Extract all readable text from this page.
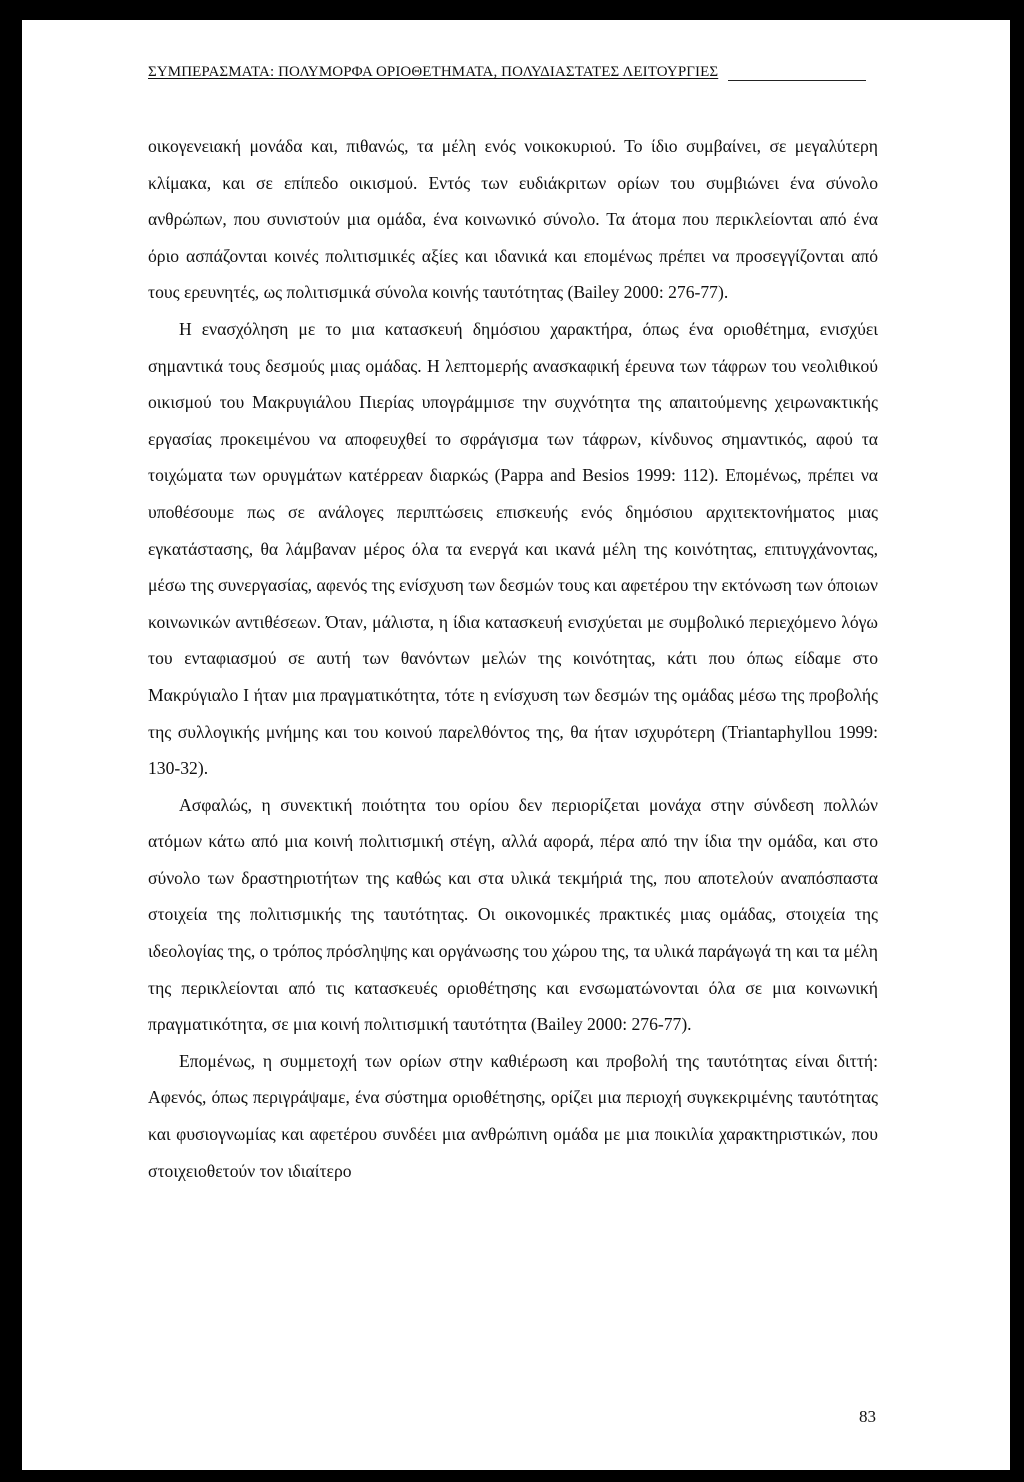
ΣΥΜΠΕΡΑΣΜΑΤΑ: ΠΟΛΥΜΟΡΦΑ ΟΡΙΟΘΕΤΗΜΑΤΑ, ΠΟΛΥΔΙΑΣΤΑΤΕΣ ΛΕΙΤΟΥΡΓΙΕΣ

οικογενειακή μονάδα και, πιθανώς, τα μέλη ενός νοικοκυριού. Το ίδιο συμβαίνει, σε μεγαλύτερη κλίμακα, και σε επίπεδο οικισμού. Εντός των ευδιάκριτων ορίων του συμβιώνει ένα σύνολο ανθρώπων, που συνιστούν μια ομάδα, ένα κοινωνικό σύνολο. Τα άτομα που περικλείονται από ένα όριο ασπάζονται κοινές πολιτισμικές αξίες και ιδανικά και επομένως πρέπει να προσεγγίζονται από τους ερευνητές, ως πολιτισμικά σύνολα κοινής ταυτότητας (Bailey 2000: 276-77).

Η ενασχόληση με το μια κατασκευή δημόσιου χαρακτήρα, όπως ένα οριοθέτημα, ενισχύει σημαντικά τους δεσμούς μιας ομάδας. Η λεπτομερής ανασκαφική έρευνα των τάφρων του νεολιθικού οικισμού του Μακρυγιάλου Πιερίας υπογράμμισε την συχνότητα της απαιτούμενης χειρωνακτικής εργασίας προκειμένου να αποφευχθεί το σφράγισμα των τάφρων, κίνδυνος σημαντικός, αφού τα τοιχώματα των ορυγμάτων κατέρρεαν διαρκώς (Pappa and Besios 1999: 112). Επομένως, πρέπει να υποθέσουμε πως σε ανάλογες περιπτώσεις επισκευής ενός δημόσιου αρχιτεκτονήματος μιας εγκατάστασης, θα λάμβαναν μέρος όλα τα ενεργά και ικανά μέλη της κοινότητας, επιτυγχάνοντας, μέσω της συνεργασίας, αφενός της ενίσχυση των δεσμών τους και αφετέρου την εκτόνωση των όποιων κοινωνικών αντιθέσεων. Όταν, μάλιστα, η ίδια κατασκευή ενισχύεται με συμβολικό περιεχόμενο λόγω του ενταφιασμού σε αυτή των θανόντων μελών της κοινότητας, κάτι που όπως είδαμε στο Μακρύγιαλο Ι ήταν μια πραγματικότητα, τότε η ενίσχυση των δεσμών της ομάδας μέσω της προβολής της συλλογικής μνήμης και του κοινού παρελθόντος της, θα ήταν ισχυρότερη (Triantaphyllou 1999: 130-32).

Ασφαλώς, η συνεκτική ποιότητα του ορίου δεν περιορίζεται μονάχα στην σύνδεση πολλών ατόμων κάτω από μια κοινή πολιτισμική στέγη, αλλά αφορά, πέρα από την ίδια την ομάδα, και στο σύνολο των δραστηριοτήτων της καθώς και στα υλικά τεκμήριά της, που αποτελούν αναπόσπαστα στοιχεία της πολιτισμικής της ταυτότητας. Οι οικονομικές πρακτικές μιας ομάδας, στοιχεία της ιδεολογίας της, ο τρόπος πρόσληψης και οργάνωσης του χώρου της, τα υλικά παράγωγά τη και τα μέλη της περικλείονται από τις κατασκευές οριοθέτησης και ενσωματώνονται όλα σε μια κοινωνική πραγματικότητα, σε μια κοινή πολιτισμική ταυτότητα (Bailey 2000: 276-77).

Επομένως, η συμμετοχή των ορίων στην καθιέρωση και προβολή της ταυτότητας είναι διττή: Αφενός, όπως περιγράψαμε, ένα σύστημα οριοθέτησης, ορίζει μια περιοχή συγκεκριμένης ταυτότητας και φυσιογνωμίας και αφετέρου συνδέει μια ανθρώπινη ομάδα με μια ποικιλία χαρακτηριστικών, που στοιχειοθετούν τον ιδιαίτερο

83
